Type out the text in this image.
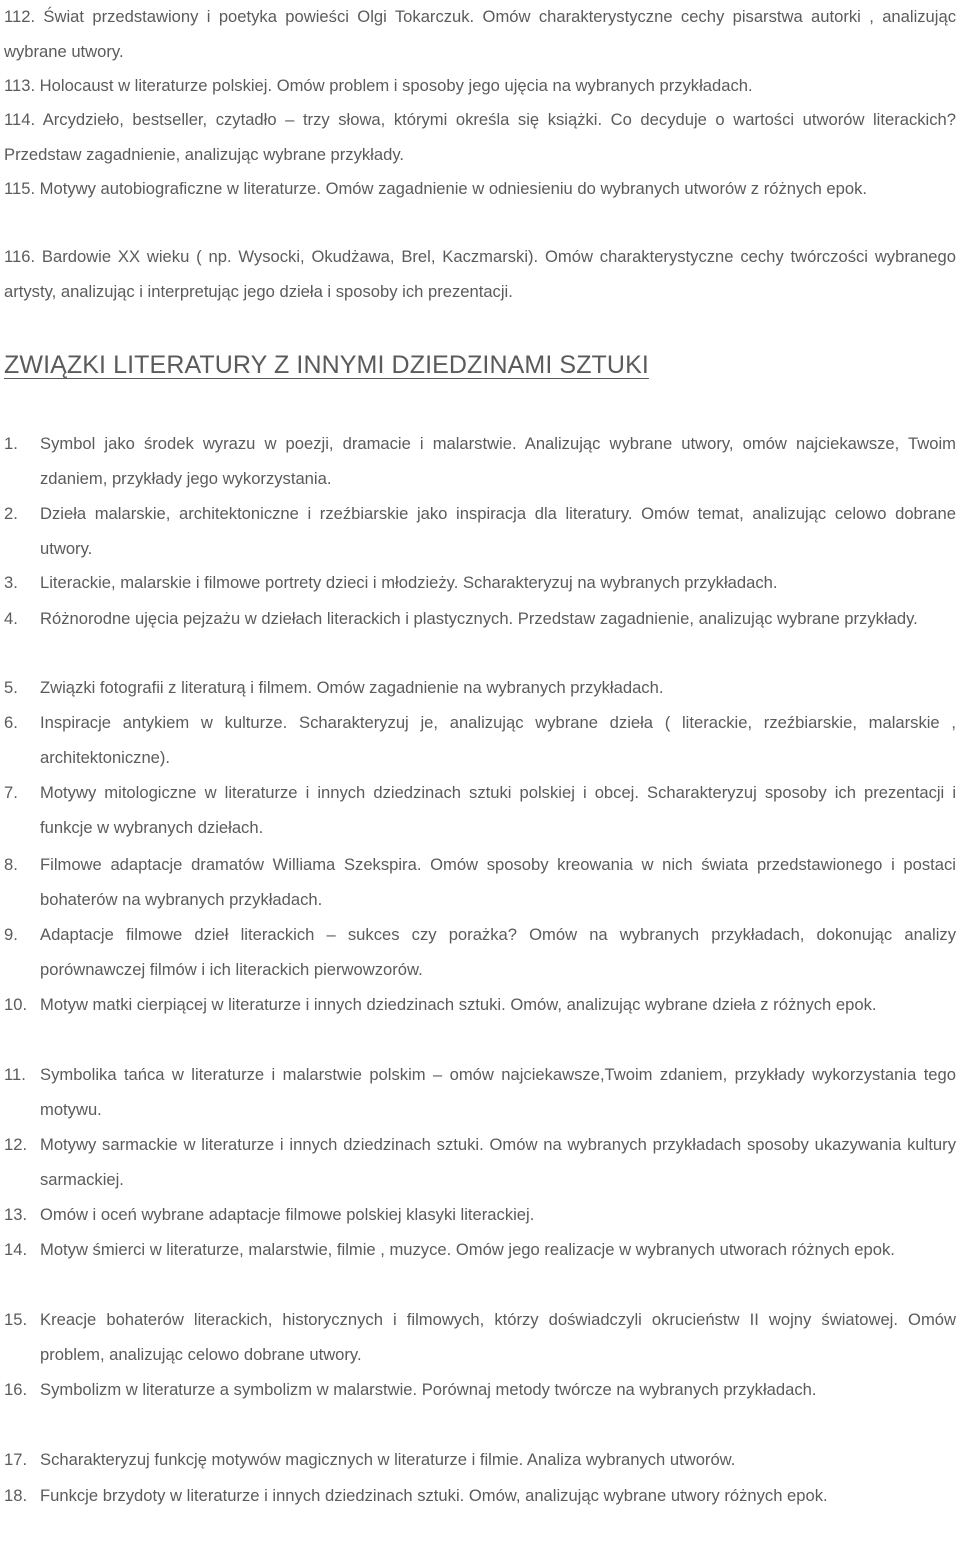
112. Świat przedstawiony i poetyka powieści Olgi Tokarczuk. Omów charakterystyczne cechy pisarstwa autorki , analizując wybrane utwory.

113. Holocaust w literaturze polskiej. Omów problem i sposoby jego ujęcia na wybranych przykładach.

114. Arcydzieło, bestseller, czytadło – trzy słowa, którymi określa się książki. Co decyduje o wartości utworów literackich? Przedstaw zagadnienie, analizując wybrane przykłady.

115. Motywy autobiograficzne w literaturze. Omów zagadnienie w odniesieniu do wybranych utworów z różnych epok.

116. Bardowie XX wieku ( np. Wysocki, Okudżawa, Brel, Kaczmarski). Omów charakterystyczne cechy twórczości wybranego artysty, analizując i interpretując jego dzieła i sposoby ich prezentacji.

ZWIĄZKI LITERATURY Z INNYMI DZIEDZINAMI SZTUKI
1. Symbol jako środek wyrazu w poezji, dramacie i malarstwie. Analizując wybrane utwory, omów najciekawsze, Twoim zdaniem, przykłady jego wykorzystania.
2. Dzieła malarskie, architektoniczne i rzeźbiarskie jako inspiracja dla literatury. Omów temat, analizując celowo dobrane utwory.
3. Literackie, malarskie i filmowe portrety dzieci i młodzieży. Scharakteryzuj na wybranych przykładach.
4. Różnorodne ujęcia pejzażu w dziełach literackich i plastycznych. Przedstaw zagadnienie, analizując wybrane przykłady.
5. Związki fotografii z literaturą i filmem. Omów zagadnienie na wybranych przykładach.
6. Inspiracje antykiem w kulturze. Scharakteryzuj je, analizując wybrane dzieła ( literackie, rzeźbiarskie, malarskie , architektoniczne).
7. Motywy mitologiczne w literaturze i innych dziedzinach sztuki polskiej i obcej. Scharakteryzuj sposoby ich prezentacji i funkcje w wybranych dziełach.
8. Filmowe adaptacje dramatów Williama Szekspira. Omów sposoby kreowania w nich świata przedstawionego i postaci bohaterów na wybranych przykładach.
9. Adaptacje filmowe dzieł literackich – sukces czy porażka? Omów na wybranych przykładach, dokonując analizy porównawczej filmów i ich literackich pierwowzorów.
10. Motyw matki cierpiącej w literaturze i innych dziedzinach sztuki. Omów, analizując wybrane dzieła z różnych epok.
11. Symbolika tańca w literaturze i malarstwie polskim – omów najciekawsze,Twoim zdaniem, przykłady wykorzystania tego motywu.
12. Motywy sarmackie w literaturze i innych dziedzinach sztuki. Omów na wybranych przykładach sposoby ukazywania kultury sarmackiej.
13. Omów i oceń wybrane adaptacje filmowe polskiej klasyki literackiej.
14. Motyw śmierci w literaturze, malarstwie, filmie , muzyce. Omów jego realizacje w wybranych utworach różnych epok.
15. Kreacje bohaterów literackich, historycznych i filmowych, którzy doświadczyli okrucieństw II wojny światowej. Omów problem, analizując celowo dobrane utwory.
16. Symbolizm w literaturze a symbolizm w malarstwie. Porównaj metody twórcze na wybranych przykładach.
17. Scharakteryzuj funkcję motywów magicznych w literaturze i filmie. Analiza wybranych utworów.
18. Funkcje brzydoty w literaturze i innych dziedzinach sztuki. Omów, analizując wybrane utwory różnych epok.
